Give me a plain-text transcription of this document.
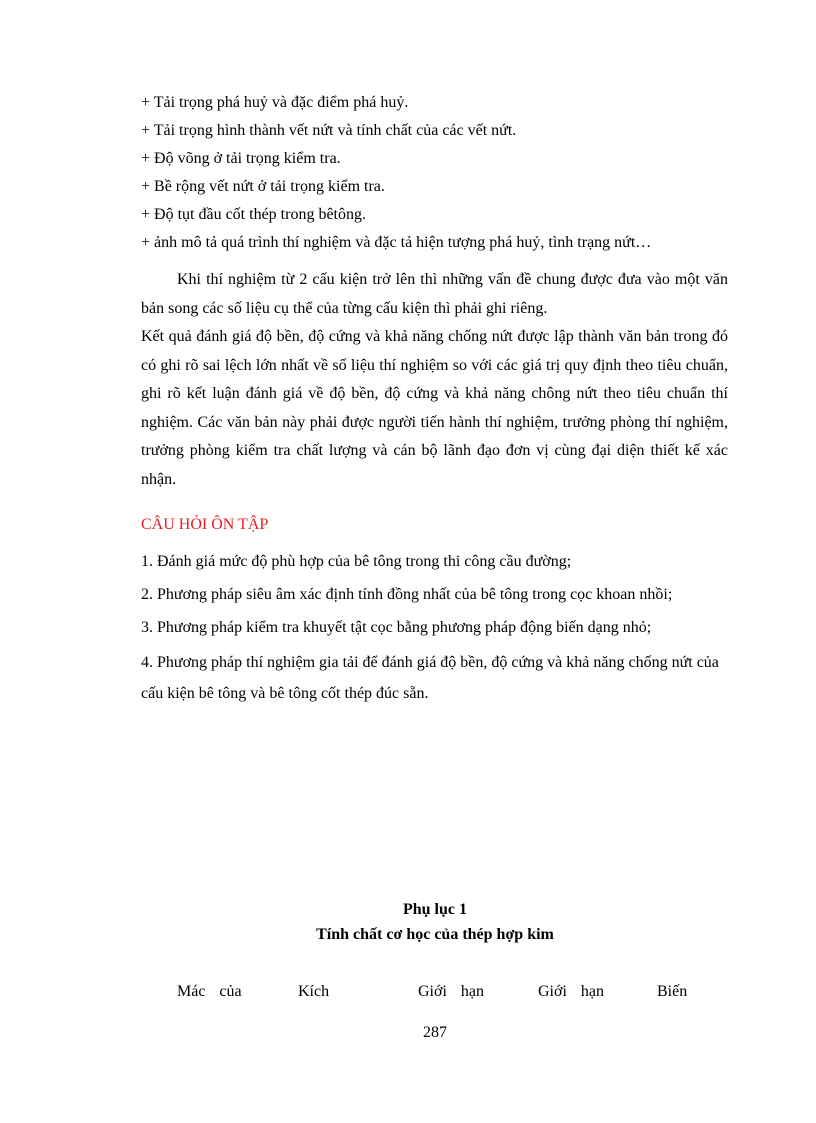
+ Tải trọng phá huỷ và đặc điểm phá huỷ.
+ Tải trọng hình thành vết nứt và tính chất của các vết nứt.
+ Độ võng ở tải trọng kiểm tra.
+ Bề rộng vết nứt ở tải trọng kiểm tra.
+ Độ tụt đầu cốt thép trong bêtông.
+ ảnh mô tả quá trình thí nghiệm và đặc tả hiện tượng phá huỷ, tình trạng nứt…

Khi thí nghiệm từ 2 cấu kiện trở lên thì những vấn đề chung được đưa vào một văn bản song các số liệu cụ thể của từng cấu kiện thì phải ghi riêng.

Kết quả đánh giá độ bền, độ cứng và khả năng chống nứt được lập thành văn bản trong đó có ghi rõ sai lệch lớn nhất về số liệu thí nghiệm so với các giá trị quy định theo tiêu chuẩn, ghi rõ kết luận đánh giá về độ bền, độ cứng và khả năng chông nứt theo tiêu chuẩn thí nghiệm. Các văn bản này phải được người tiến hành thí nghiệm, trưởng phòng thí nghiệm, trưởng phòng kiểm tra chất lượng và cán bộ lãnh đạo đơn vị cùng đại diện thiết kế xác nhận.

CÂU HỎI ÔN TẬP
1. Đánh giá mức độ phù hợp của bê tông trong thi công cầu đường;
2. Phương pháp siêu âm xác định tính đồng nhất của bê tông trong cọc khoan nhồi;
3. Phương pháp kiểm tra khuyết tật cọc bằng phương pháp động biến dạng nhỏ;

4. Phương pháp thí nghiệm gia tải để đánh giá độ bền, độ cứng và khả năng chống nứt của cấu kiện bê tông và bê tông cốt thép đúc sẵn.

Phụ lục 1
Tính chất cơ học của thép hợp kim
Mác của	Kích	Giới hạn	Giới hạn	Biến
287
